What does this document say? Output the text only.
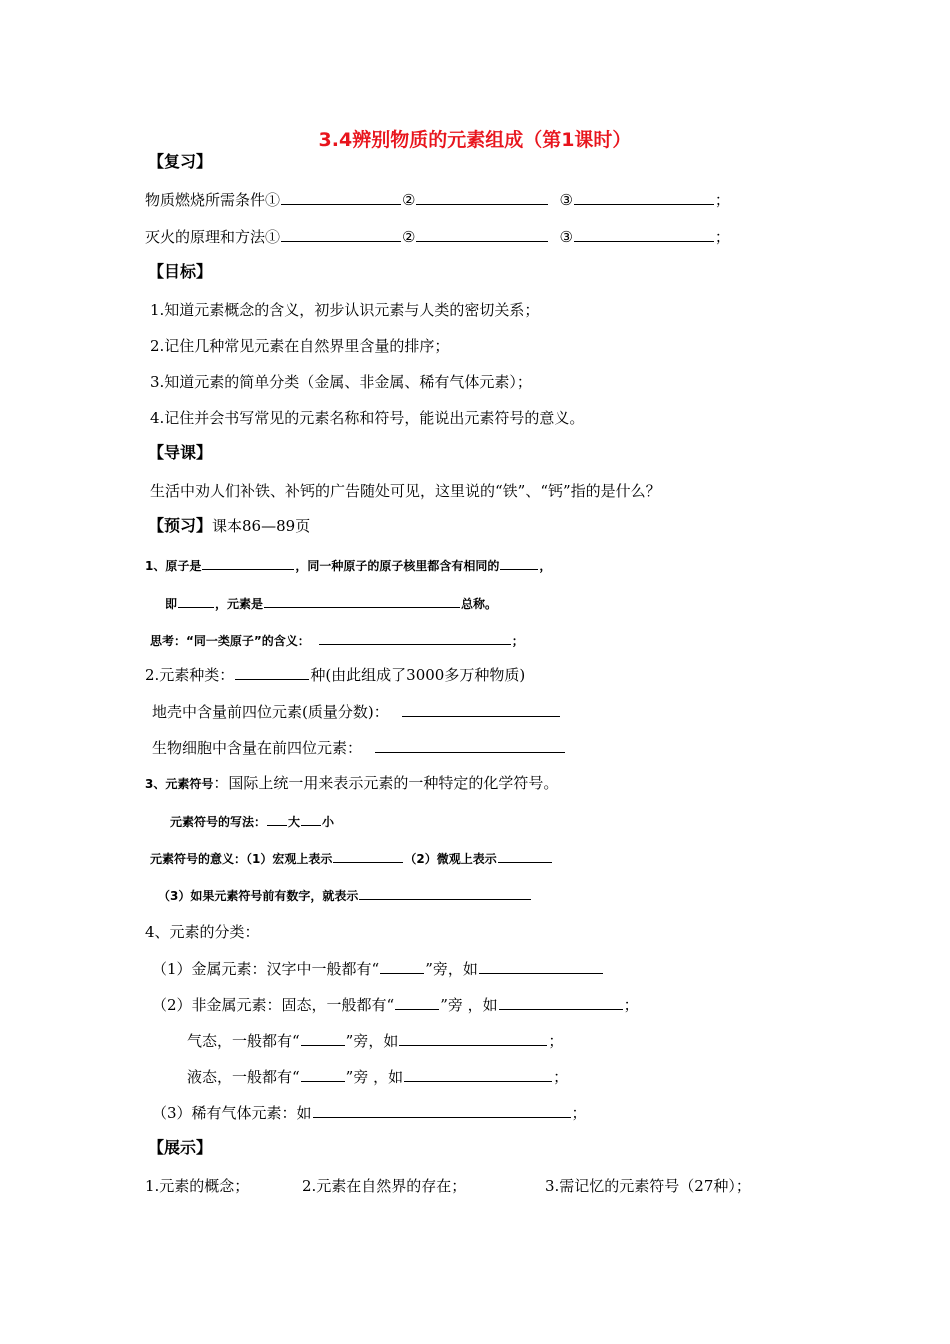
3.4辨别物质的元素组成（第1课时）
【复习】
物质燃烧所需条件①	②	③	；
灭火的原理和方法①	②	③	；
【目标】
1.知道元素概念的含义，初步认识元素与人类的密切关系；
2.记住几种常见元素在自然界里含量的排序；
3.知道元素的简单分类（金属、非金属、稀有气体元素）；
4.记住并会书写常见的元素名称和符号，能说出元素符号的意义。
【导课】
生活中劝人们补铁、补钙的广告随处可见，这里说的“铁”、“钙”指的是什么？
【预习】课本86—89页
1、原子是	，同一种原子的原子核里都含有相同的	，
即	，元素是	总称。
思考：“同一类原子”的含义：	；
2.元素种类：	种(由此组成了3000多万种物质)
地壳中含量前四位元素(质量分数)：
生物细胞中含量在前四位元素：
3、元素符号：国际上统一用来表示元素的一种特定的化学符号。
元素符号的写法： 大 小
元素符号的意义：（1）宏观上表示	（2）微观上表示
（3）如果元素符号前有数字，就表示
4、元素的分类：
（1）金属元素：汉字中一般都有“	”旁，如
（2）非金属元素：固态，一般都有“	”旁 ，如	；
气态，一般都有“	”旁，如	；
液态，一般都有“	”旁 ，如	；
（3）稀有气体元素：如	；
【展示】
1.元素的概念；	2.元素在自然界的存在；	3.需记忆的元素符号（27种）；
